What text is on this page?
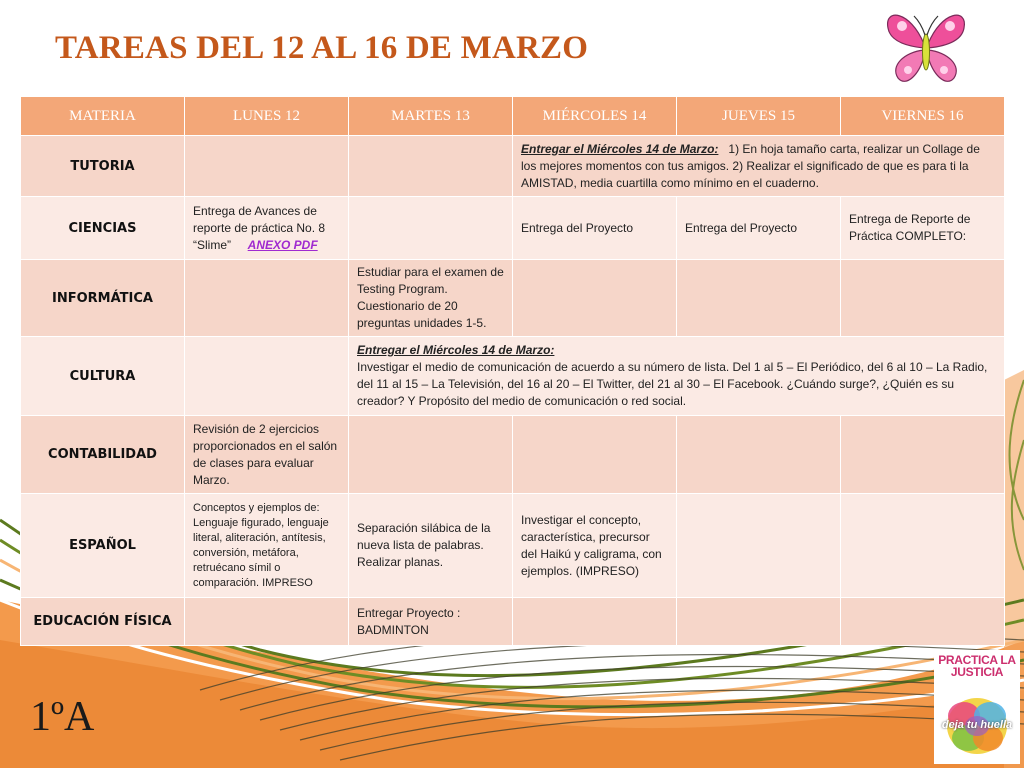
TAREAS DEL 12 AL 16 DE MARZO
MATERIA	LUNES 12	MARTES 13	MIÉRCOLES 14	JUEVES 15	VIERNES 16
TUTORIA			Entregar el Miércoles 14 de Marzo: 1) En hoja tamaño carta, realizar un Collage de los mejores momentos con tus amigos. 2) Realizar el significado de que es para ti la AMISTAD, media cuartilla como mínimo en el cuaderno.		
CIENCIAS	Entrega de Avances de reporte de práctica No. 8 “Slime” ANEXO PDF		Entrega del Proyecto	Entrega del Proyecto	Entrega de Reporte de Práctica COMPLETO:
INFORMÁTICA		Estudiar para el examen de Testing Program. Cuestionario de 20 preguntas unidades 1-5.			
CULTURA		Entregar el Miércoles 14 de Marzo:
Investigar el medio de comunicación de acuerdo a su número de lista. Del 1 al 5 – El Periódico, del 6 al 10 – La Radio, del 11 al 15 – La Televisión, del 16 al 20 – El Twitter, del 21 al 30 – El Facebook. ¿Cuándo surge?, ¿Quién es su creador? Y Propósito del medio de comunicación o red social.			
CONTABILIDAD	Revisión de 2 ejercicios proporcionados en el salón de clases para evaluar Marzo.				
ESPAÑOL	Conceptos y ejemplos de: Lenguaje figurado, lenguaje literal, aliteración, antítesis, conversión, metáfora, retruécano símil o comparación. IMPRESO	Separación silábica de la nueva lista de palabras. Realizar planas.	Investigar el concepto, característica, precursor del Haikú y caligrama, con ejemplos. (IMPRESO)		
EDUCACIÓN FÍSICA		Entregar Proyecto : BADMINTON			

1ºA

PRACTICA LA JUSTICIA
deja tu huella
